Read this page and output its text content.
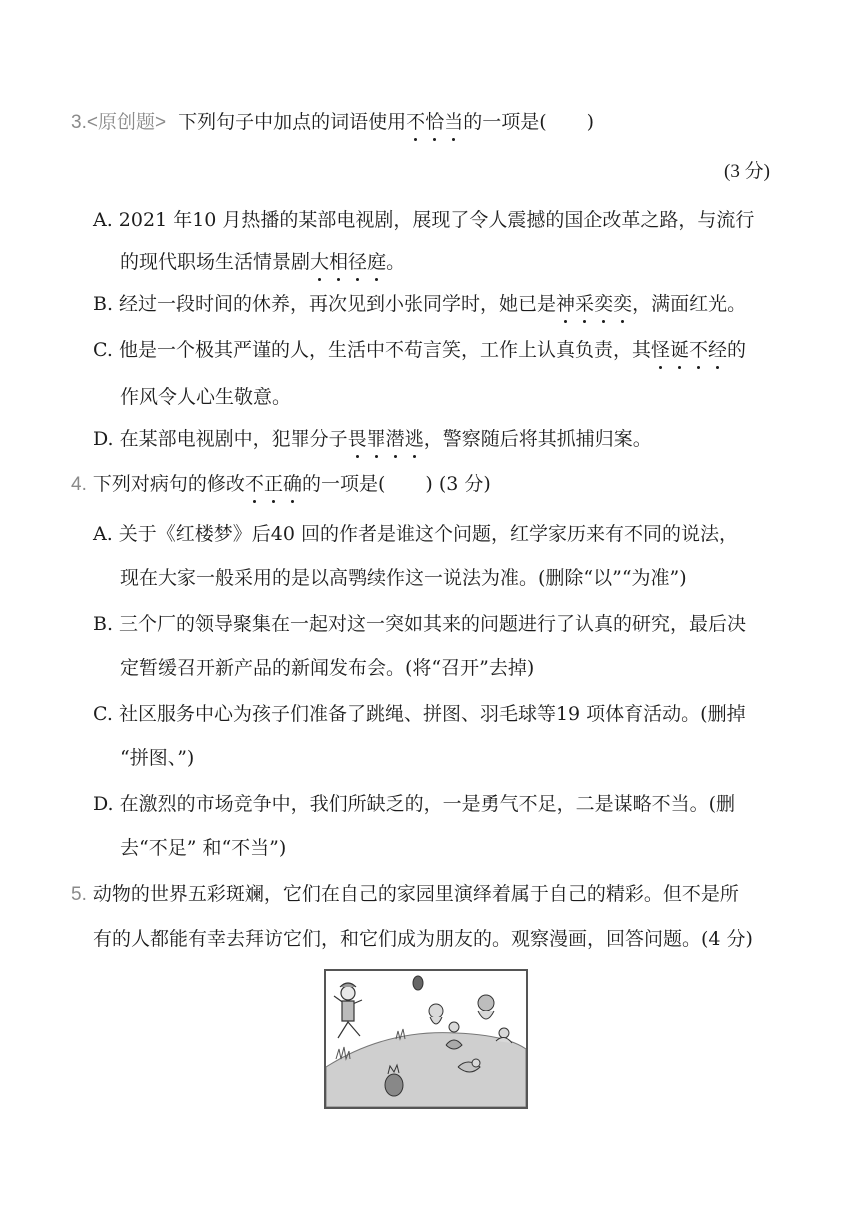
3.<原创题> 下列句子中加点的词语使用不恰当的一项是( )
(3 分)
A. 2021 年10 月热播的某部电视剧，展现了令人震撼的国企改革之路，与流行
的现代职场生活情景剧大相径庭。
B. 经过一段时间的休养，再次见到小张同学时，她已是神采奕奕，满面红光。
C. 他是一个极其严谨的人，生活中不苟言笑，工作上认真负责，其怪诞不经的
作风令人心生敬意。
D. 在某部电视剧中，犯罪分子畏罪潜逃，警察随后将其抓捕归案。
4. 下列对病句的修改不正确的一项是( ) (3 分)
A. 关于《红楼梦》后40 回的作者是谁这个问题，红学家历来有不同的说法，
现在大家一般采用的是以高鹗续作这一说法为准。(删除“以”“为准”)
B. 三个厂的领导聚集在一起对这一突如其来的问题进行了认真的研究，最后决
定暂缓召开新产品的新闻发布会。(将“召开”去掉)
C. 社区服务中心为孩子们准备了跳绳、拼图、羽毛球等19 项体育活动。(删掉
“拼图、”)
D. 在激烈的市场竞争中，我们所缺乏的，一是勇气不足，二是谋略不当。(删
去“不足” 和“不当”)
5. 动物的世界五彩斑斓，它们在自己的家园里演绎着属于自己的精彩。但不是所
有的人都能有幸去拜访它们，和它们成为朋友的。观察漫画，回答问题。(4 分)
